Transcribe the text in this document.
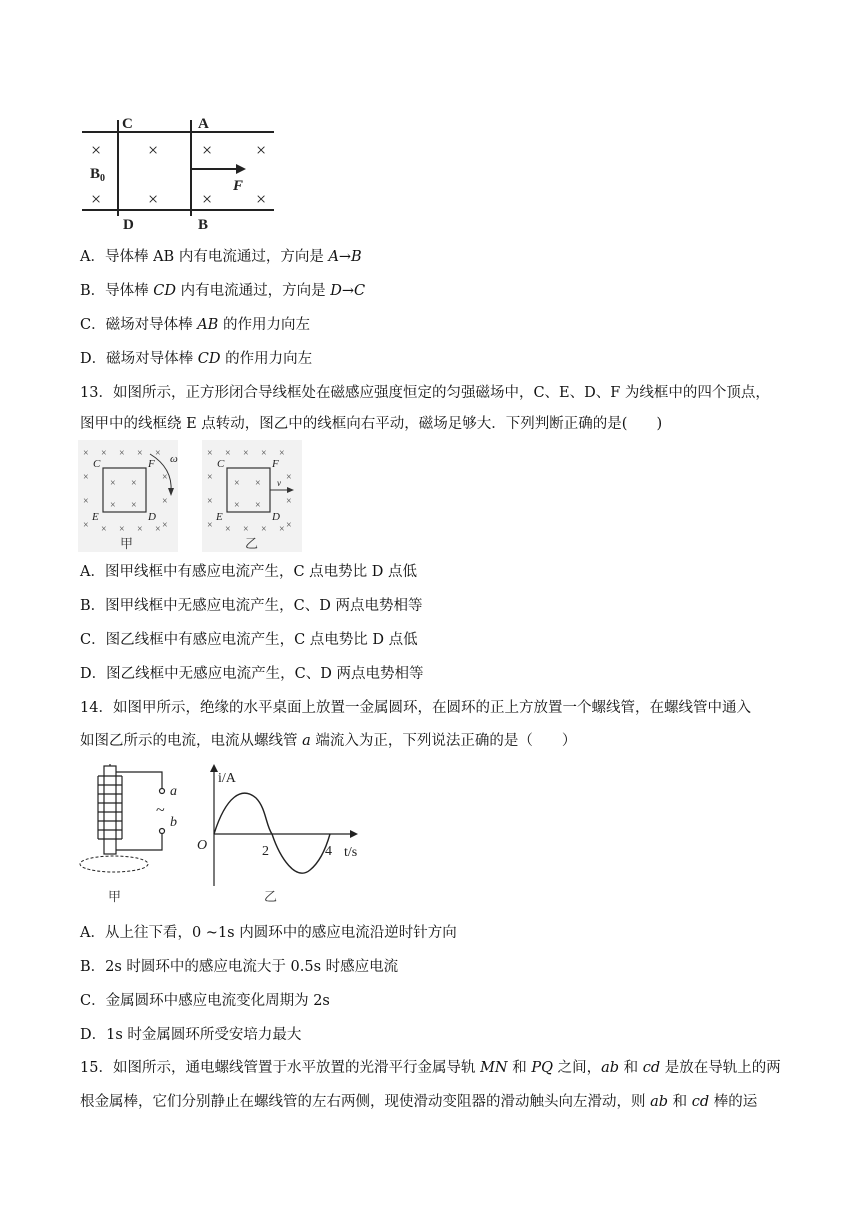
C	A
D	B
F
$B_0$
×	× × ×
×	× × ×
A．导体棒 AB 内有电流通过，方向是 A→B
B．导体棒 CD 内有电流通过，方向是 D→C
C．磁场对导体棒 AB 的作用力向左
D．磁场对导体棒 CD 的作用力向左
13．如图所示，正方形闭合导线框处在磁感应强度恒定的匀强磁场中，C、E、D、F 为线框中的四个顶点，
图甲中的线框绕 E 点转动，图乙中的线框向右平动，磁场足够大．下列判断正确的是(　　)
× × × × ×
×	×
×
× ×
×
× ×
×	×
× × × ×
× × × × ×
×	×
×
× ×
×
× ×
×	×
× × × ×
C	F ω
E	D
C	F
v
E	D
甲	乙
A．图甲线框中有感应电流产生，C 点电势比 D 点低
B．图甲线框中无感应电流产生，C、D 两点电势相等
C．图乙线框中有感应电流产生，C 点电势比 D 点低
D．图乙线框中无感应电流产生，C、D 两点电势相等
14．如图甲所示，绝缘的水平桌面上放置一金属圆环，在圆环的正上方放置一个螺线管，在螺线管中通入
如图乙所示的电流，电流从螺线管 a 端流入为正，下列说法正确的是（　　）
a
b
~
甲
i/A
t/s
O	2	4
乙
A．从上往下看，0 ~1s 内圆环中的感应电流沿逆时针方向
B．2s 时圆环中的感应电流大于 0.5s 时感应电流
C．金属圆环中感应电流变化周期为 2s
D．1s 时金属圆环所受安培力最大
15．如图所示，通电螺线管置于水平放置的光滑平行金属导轨 MN 和 PQ 之间，ab 和 cd 是放在导轨上的两
根金属棒，它们分别静止在螺线管的左右两侧，现使滑动变阻器的滑动触头向左滑动，则 ab 和 cd 棒的运
